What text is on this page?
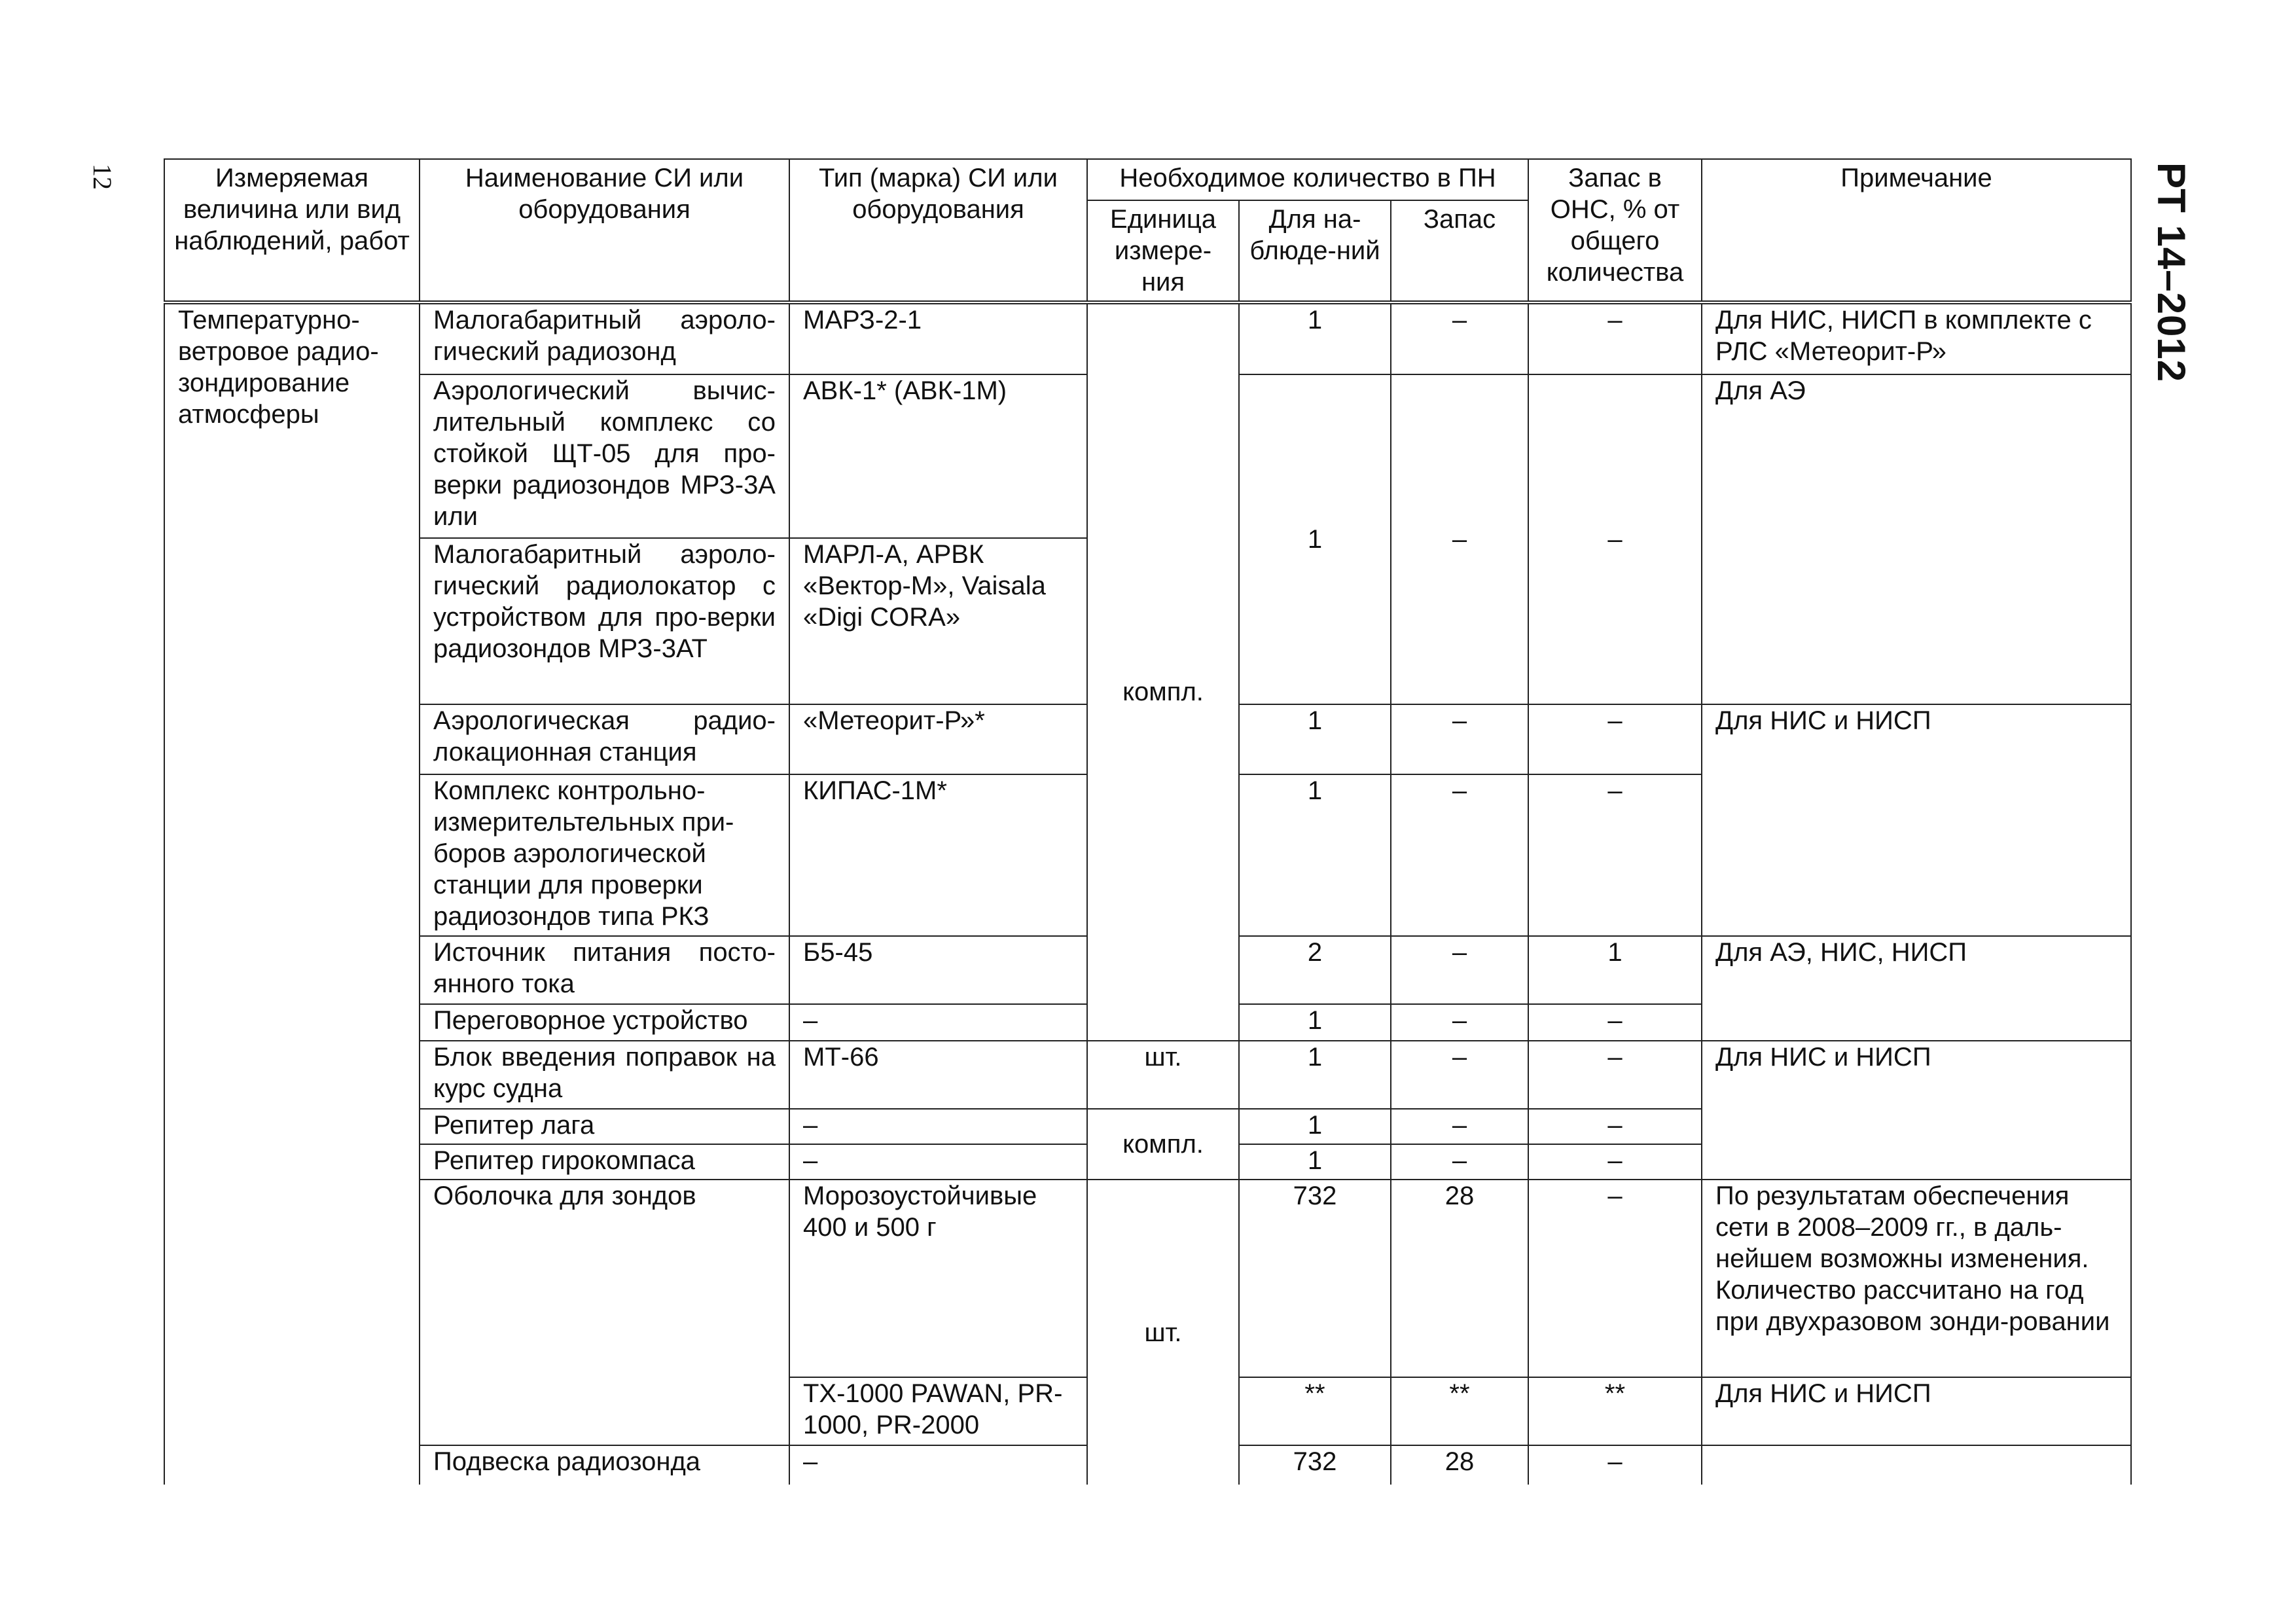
12	РТ 14–2012
Измеряемая величина или вид наблюдений, работ	Наименование СИ или оборудования	Тип (марка) СИ или оборудования	Необходимое количество в ПН			Запас в ОНС, % от общего количества	Примечание
			Единица измере-ния	Для на-блюде-ний	Запас		
Температурно-ветровое радио-зондирование атмосферы	Малогабаритный аэроло-гический радиозонд	МАРЗ-2-1	компл.	1	–	–	Для НИС, НИСП в комплекте с РЛС «Метеорит-Р»
	Аэрологический вычис-лительный комплекс со стойкой ЩТ-05 для про-верки радиозондов МРЗ-3А или	АВК-1* (АВК-1М)		1	–	–	Для АЭ
	Малогабаритный аэроло-гический радиолокатор с устройством для про-верки радиозондов МРЗ-3АТ	МАРЛ-А, АРВК «Вектор-М», Vaisala «Digi CORA»					
	Аэрологическая радио-локационная станция	«Метеорит-Р»*		1	–	–	Для НИС и НИСП
	Комплекс контрольно-измерительтельных при-боров аэрологической станции для проверки радиозондов типа РКЗ	КИПАС-1М*		1	–	–	
	Источник питания посто-янного тока	Б5-45		2	–	1	Для АЭ, НИС, НИСП
	Переговорное устройство	–		1	–	–	
	Блок введения поправок на курс судна	МТ-66	шт.	1	–	–	Для НИС и НИСП
	Репитер лага	–	компл.	1	–	–	
	Репитер гирокомпаса	–		1	–	–	
	Оболочка для зондов	Морозоустойчивые 400 и 500 г	шт.	732	28	–	По результатам обеспечения сети в 2008–2009 гг., в даль-нейшем возможны изменения. Количество рассчитано на год при двухразовом зонди-ровании
		TX-1000 PAWAN, PR-1000, PR-2000		**	**	**	Для НИС и НИСП
	Подвеска радиозонда	–		732	28	–	
